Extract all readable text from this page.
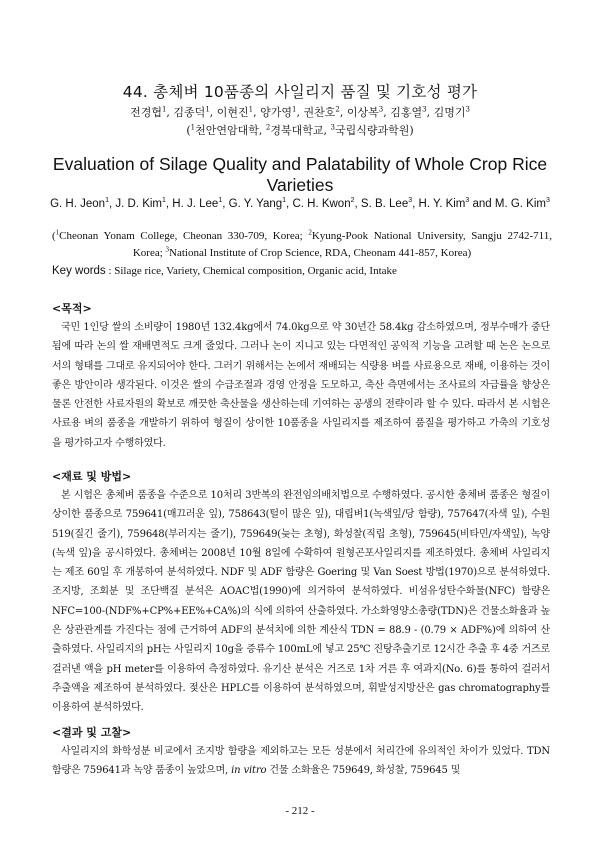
44. 총체벼 10품종의 사일리지 품질 및 기호성 평가
전경협$^1$, 김종덕$^1$, 이현진$^1$, 양가영$^1$, 권찬호$^2$, 이상복$^3$, 김홍열$^3$, 김명기$^3$
($^1$천안연암대학, $^2$경북대학교, $^3$국립식량과학원)
Evaluation of Silage Quality and Palatability of Whole Crop Rice Varieties
G. H. Jeon$^1$, J. D. Kim$^1$, H. J. Lee$^1$, G. Y. Yang$^1$, C. H. Kwon$^2$, S. B. Lee$^3$, H. Y. Kim$^3$ and M. G. Kim$^3$
($^1$Cheonan Yonam College, Cheonan 330-709, Korea; $^2$Kyung-Pook National University, Sangju 2742-711, Korea; $^3$National Institute of Crop Science, RDA, Cheonam 441-857, Korea)
Key words : Silage rice, Variety, Chemical composition, Organic acid, Intake
<목적>
국민 1인당 쌀의 소비량이 1980년 132.4kg에서 74.0kg으로 약 30년간 58.4kg 감소하였으며, 정부수매가 중단됨에 따라 논의 쌀 재배면적도 크게 줄었다. 그러나 논이 지니고 있는 다면적인 공익적 기능을 고려할 때 논은 논으로서의 형태를 그대로 유지되어야 한다. 그러기 위해서는 논에서 재배되는 식량용 벼를 사료용으로 재배, 이용하는 것이 좋은 방안이라 생각된다. 이것은 쌀의 수급조절과 경영 안정을 도모하고, 축산 측면에서는 조사료의 자급률을 향상은 물론 안전한 사료자원의 확보로 깨끗한 축산물을 생산하는데 기여하는 공생의 전략이라 할 수 있다. 따라서 본 시험은 사료용 벼의 품종을 개발하기 위하여 형질이 상이한 10품종을 사일리지를 제조하여 품질을 평가하고 가축의 기호성을 평가하고자 수행하였다.
<재료 및 방법>
본 시험은 총체벼 품종을 수준으로 10처리 3반복의 완전임의배치법으로 수행하였다. 공시한 총체벼 품종은 형질이 상이한 품종으로 759641(매끄러운 잎), 758643(털이 많은 잎), 대립벼1(녹색잎/당 함량), 757647(자색 잎), 수원519(질긴 줄기), 759648(부러지는 줄기), 759649(늦는 초형), 화성찰(직립 초형), 759645(비타민/자색잎), 녹양(녹색 잎)을 공시하였다. 총체벼는 2008년 10월 8일에 수확하여 원형곤포사일리지를 제조하였다. 총체벼 사일리지는 제조 60일 후 개봉하여 분석하였다. NDF 및 ADF 함량은 Goering 및 Van Soest 방법(1970)으로 분석하였다. 조지방, 조회분 및 조단백질 분석은 AOAC법(1990)에 의거하여 분석하였다. 비섬유성탄수화물(NFC) 함량은 NFC=100-(NDF%+CP%+EE%+CA%)의 식에 의하여 산출하였다. 가소화영양소총량(TDN)은 건물소화율과 높은 상관관계를 가진다는 점에 근거하여 ADF의 분석치에 의한 계산식 TDN = 88.9 - (0.79 × ADF%)에 의하여 산출하였다. 사일리지의 pH는 사일리지 10g을 증류수 100mL에 넣고 25℃ 진탕추출기로 12시간 추출 후 4중 거즈로 걸러낸 액을 pH meter를 이용하여 측정하였다. 유기산 분석은 거즈로 1차 거른 후 여과지(No. 6)를 통하여 걸러서 추출액을 제조하여 분석하였다. 젖산은 HPLC를 이용하여 분석하였으며, 휘발성지방산은 gas chromatography를 이용하여 분석하였다.
<결과 및 고찰>
사일리지의 화학성분 비교에서 조지방 함량을 제외하고는 모든 성분에서 처리간에 유의적인 차이가 있었다. TDN 함량은 759641과 녹양 품종이 높았으며, in vitro 건물 소화율은 759649, 화성찰, 759645 및
- 212 -
